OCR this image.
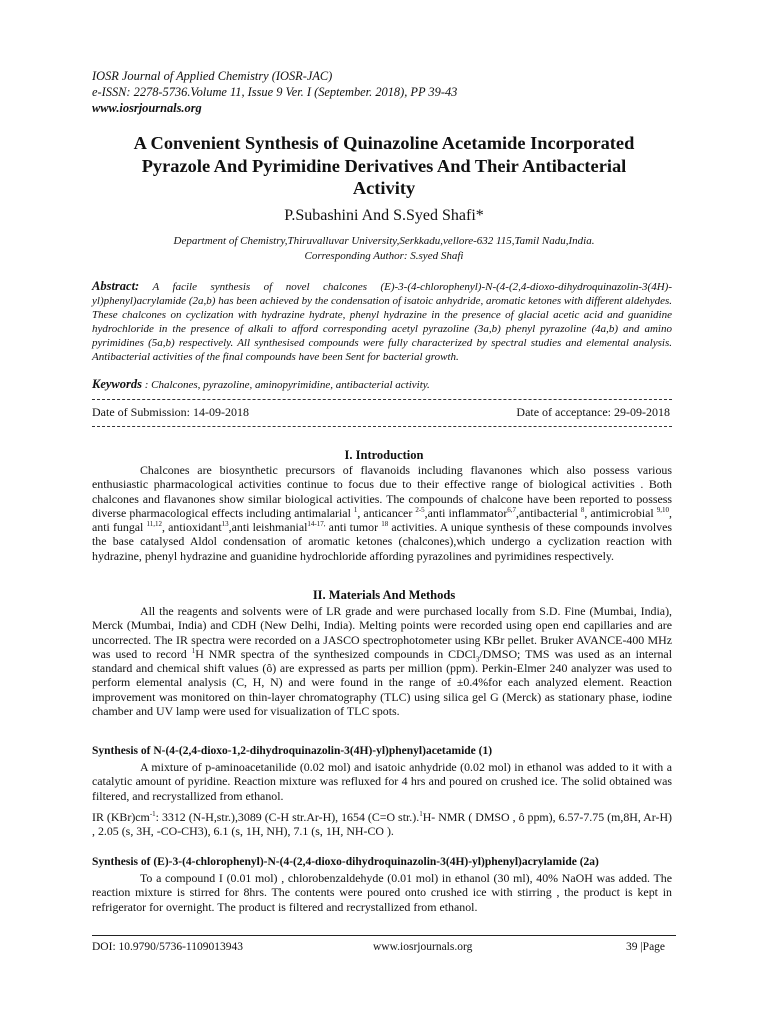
IOSR Journal of Applied Chemistry (IOSR-JAC)
e-ISSN: 2278-5736.Volume 11, Issue 9 Ver. I (September. 2018), PP 39-43
www.iosrjournals.org
A Convenient Synthesis of Quinazoline Acetamide Incorporated
Pyrazole And Pyrimidine Derivatives And Their Antibacterial
Activity
P.Subashini And S.Syed Shafi*
Department of Chemistry,Thiruvalluvar University,Serkkadu,vellore-632 115,Tamil Nadu,India.
Corresponding Author: S.syed Shafi
Abstract: A facile synthesis of novel chalcones (E)-3-(4-chlorophenyl)-N-(4-(2,4-dioxo-dihydroquinazolin-3(4H)-yl)phenyl)acrylamide (2a,b) has been achieved by the condensation of isatoic anhydride, aromatic ketones with different aldehydes. These chalcones on cyclization with hydrazine hydrate, phenyl hydrazine in the presence of glacial acetic acid and guanidine hydrochloride in the presence of alkali to afford corresponding acetyl pyrazoline (3a,b) phenyl pyrazoline (4a,b) and amino pyrimidines (5a,b) respectively. All synthesised compounds were fully characterized by spectral studies and elemental analysis. Antibacterial activities of the final compounds have been Sent for bacterial growth.
Keywords : Chalcones, pyrazoline, aminopyrimidine, antibacterial activity.
Date of Submission: 14-09-2018	Date of acceptance: 29-09-2018
I. Introduction

Chalcones are biosynthetic precursors of flavanoids including flavanones which also possess various enthusiastic pharmacological activities continue to focus due to their effective range of biological activities . Both chalcones and flavanones show similar biological activities. The compounds of chalcone have been reported to possess diverse pharmacological effects including antimalarial $^1$, anticancer $^{2-5}$,anti inflammator$^{6,7}$,antibacterial $^8$, antimicrobial $^{9,10}$, anti fungal $^{11,12}$, antioxidant$^{13}$,anti leishmanial$^{14-17,}$ anti tumor $^{18}$ activities. A unique synthesis of these compounds involves the base catalysed Aldol condensation of aromatic ketones (chalcones),which undergo a cyclization reaction with hydrazine, phenyl hydrazine and guanidine hydrochloride affording pyrazolines and pyrimidines respectively.

II. Materials And Methods

All the reagents and solvents were of LR grade and were purchased locally from S.D. Fine (Mumbai, India), Merck (Mumbai, India) and CDH (New Delhi, India). Melting points were recorded using open end capillaries and are uncorrected. The IR spectra were recorded on a JASCO spectrophotometer using KBr pellet. Bruker AVANCE-400 MHz was used to record $^1$H NMR spectra of the synthesized compounds in CDCl$_3$/DMSO; TMS was used as an internal standard and chemical shift values (ô) are expressed as parts per million (ppm). Perkin-Elmer 240 analyzer was used to perform elemental analysis (C, H, N) and were found in the range of ±0.4%for each analyzed element. Reaction improvement was monitored on thin-layer chromatography (TLC) using silica gel G (Merck) as stationary phase, iodine chamber and UV lamp were used for visualization of TLC spots.

Synthesis of N-(4-(2,4-dioxo-1,2-dihydroquinazolin-3(4H)-yl)phenyl)acetamide (1)

A mixture of p-aminoacetanilide (0.02 mol) and isatoic anhydride (0.02 mol) in ethanol was added to it with a catalytic amount of pyridine. Reaction mixture was refluxed for 4 hrs and poured on crushed ice. The solid obtained was filtered, and recrystallized from ethanol.

IR $(KBr)cm^{-1}$: 3312 (N-H,str.),3089 (C-H str.Ar-H), 1654 (C=O str.).$^1$H- NMR ( DMSO , ô ppm), 6.57-7.75 (m,8H, Ar-H) , 2.05 (s, 3H, -CO-CH3), 6.1 (s, 1H, NH), 7.1 (s, 1H, NH-CO ).

Synthesis of (E)-3-(4-chlorophenyl)-N-(4-(2,4-dioxo-dihydroquinazolin-3(4H)-yl)phenyl)acrylamide (2a)

To a compound I (0.01 mol) , chlorobenzaldehyde (0.01 mol) in ethanol (30 ml), 40% NaOH was added. The reaction mixture is stirred for 8hrs. The contents were poured onto crushed ice with stirring , the product is kept in refrigerator for overnight. The product is filtered and recrystallized from ethanol.

DOI: 10.9790/5736-1109013943	www.iosrjournals.org	39 |Page
